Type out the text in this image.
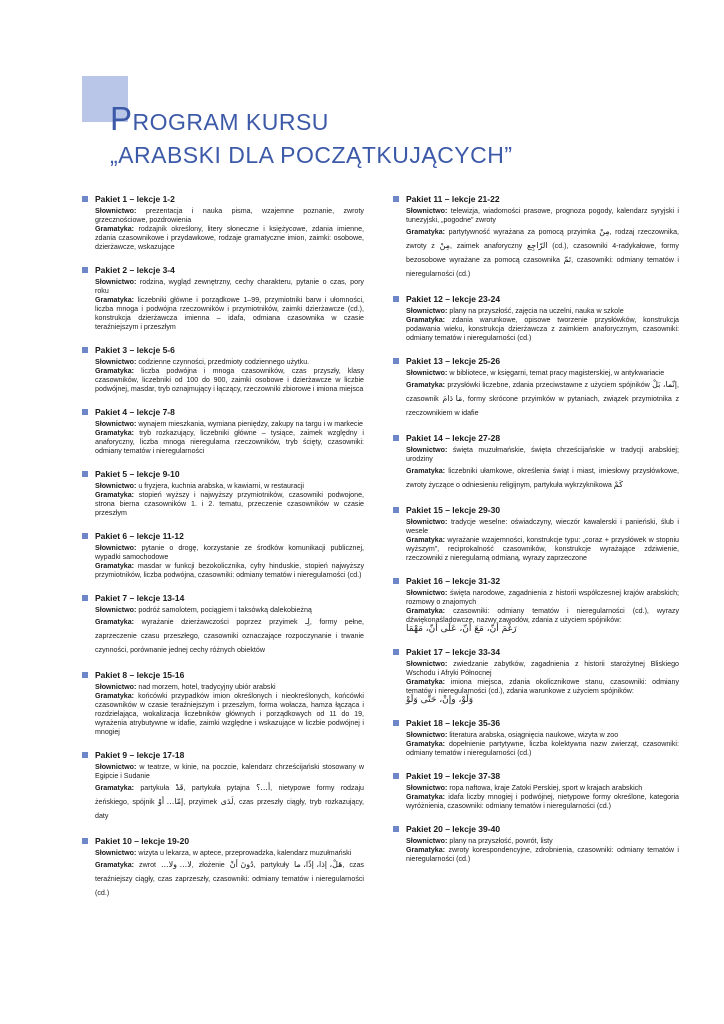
PROGRAM KURSU
„ARABSKI DLA POCZĄTKUJĄCYCH”
Pakiet 1 – lekcje 1-2

Słownictwo: prezentacja i nauka pisma, wzajemne poznanie, zwroty grzecznościowe, pozdrowienia

Gramatyka: rodzajnik określony, litery słoneczne i księżycowe, zdania imienne, zdania czasownikowe i przydawkowe, rodzaje gramatyczne imion, zaimki: osobowe, dzierżawcze, wskazujące

Pakiet 2 – lekcje 3-4

Słownictwo: rodzina, wygląd zewnętrzny, cechy charakteru, pytanie o czas, pory roku

Gramatyka: liczebniki główne i porządkowe 1–99, przymiotniki barw i ułomności, liczba mnoga i podwójna rzeczowników i przymiotników, zaimki dzierżawcze (cd.), konstrukcja dzierżawcza imienna – idafa, odmiana czasownika w czasie teraźniejszym i przeszłym

Pakiet 3 – lekcje 5-6

Słownictwo: codzienne czynności, przedmioty codziennego użytku.

Gramatyka: liczba podwójna i mnoga czasowników, czas przyszły, klasy czasowników, liczebniki od 100 do 900, zaimki osobowe i dzierżawcze w liczbie podwójnej, masdar, tryb oznajmujący i łączący, rzeczowniki zbiorowe i imiona miejsca

Pakiet 4 – lekcje 7-8

Słownictwo: wynajem mieszkania, wymiana pieniędzy, zakupy na targu i w markecie

Gramatyka: tryb rozkazujący, liczebniki główne – tysiące, zaimek względny i anaforyczny, liczba mnoga nieregularna rzeczowników, tryb ścięty, czasowniki: odmiany tematów i nieregularności

Pakiet 5 – lekcje 9-10

Słownictwo: u fryzjera, kuchnia arabska, w kawiarni, w restauracji

Gramatyka: stopień wyższy i najwyższy przymiotników, czasowniki podwojone, strona bierna czasowników 1. i 2. tematu, przeczenie czasowników w czasie przeszłym

Pakiet 6 – lekcje 11-12

Słownictwo: pytanie o drogę, korzystanie ze środków komunikacji publicznej, wypadki samochodowe

Gramatyka: masdar w funkcji bezokolicznika, cyfry hinduskie, stopień najwyższy przymiotników, liczba podwójna, czasowniki: odmiany tematów i nieregularności (cd.)

Pakiet 7 – lekcje 13-14

Słownictwo: podróż samolotem, pociągiem i taksówką dalekobieżną

Gramatyka: wyrażanie dzierżawczości poprzez przyimek لِـ, formy pełne, zaprzeczenie czasu przeszłego, czasowniki oznaczające rozpoczynanie i trwanie czynności, porównanie jednej cechy różnych obiektów

Pakiet 8 – lekcje 15-16

Słownictwo: nad morzem, hotel, tradycyjny ubiór arabski

Gramatyka: końcówki przypadków imion określonych i nieokreślonych, końcówki czasowników w czasie teraźniejszym i przeszłym, forma wołacza, hamza łącząca i rozdzielająca, wokalizacja liczebników głównych i porządkowych od 11 do 19, wyrażenia atrybutywne w idafie, zaimki względne i wskazujące w liczbie podwójnej i mnogiej

Pakiet 9 – lekcje 17-18

Słownictwo: w teatrze, w kinie, na poczcie, kalendarz chrześcijański stosowany w Egipcie i Sudanie

Gramatyka: partykuła قَدْ, partykuła pytajna أ...؟, nietypowe formy rodzaju żeńskiego, spójnik إمّا... أوْ, przyimek لَدَى, czas przeszły ciągły, tryb rozkazujący, daty

Pakiet 10 – lekcje 19-20

Słownictwo: wizyta u lekarza, w aptece, przeprowadzka, kalendarz muzułmański

Gramatyka: zwrot لا... ولا..., złożenie دُونَ أنْ, partykuły هَلْ، إذا، إذًا، ما, czas teraźniejszy ciągły, czas zaprzeszły, czasowniki: odmiany tematów i nieregularności (cd.)

Pakiet 11 – lekcje 21-22

Słownictwo: telewizja, wiadomości prasowe, prognoza pogody, kalendarz syryjski i tunezyjski, „pogodne” zwroty

Gramatyka: partytywność wyrażana za pomocą przyimka مِنْ, rodzaj rzeczownika, zwroty z مِنْ, zaimek anaforyczny الرّاجِع (cd.), czasowniki 4-radykałowe, formy bezosobowe wyrażane za pomocą czasownika تَمّ, czasowniki: odmiany tematów i nieregularności (cd.)

Pakiet 12 – lekcje 23-24

Słownictwo: plany na przyszłość, zajęcia na uczelni, nauka w szkole

Gramatyka: zdania warunkowe, opisowe tworzenie przysłówków, konstrukcja podawania wieku, konstrukcja dzierżawcza z zaimkiem anaforycznym, czasowniki: odmiany tematów i nieregularności (cd.)

Pakiet 13 – lekcje 25-26

Słownictwo: w bibliotece, w księgarni, temat pracy magisterskiej, w antykwariacie

Gramatyka: przysłówki liczebne, zdania przeciwstawne z użyciem spójników إنّما، بَلْ, czasownik مَا دَامَ, formy skrócone przyimków w pytaniach, związek przymiotnika z rzeczownikiem w idafie

Pakiet 14 – lekcje 27-28

Słownictwo: święta muzułmańskie, święta chrześcijańskie w tradycji arabskiej; urodziny

Gramatyka: liczebniki ułamkowe, określenia świąt i miast, imiesłowy przysłówkowe, zwroty życzące o odniesieniu religijnym, partykuła wykrzyknikowa كَمْ

Pakiet 15 – lekcje 29-30

Słownictwo: tradycje weselne: oświadczyny, wieczór kawalerski i panieński, ślub i wesele

Gramatyka: wyrażanie wzajemności, konstrukcje typu: „coraz + przysłówek w stopniu wyższym”, reciprokalność czasowników, konstrukcje wyrażające zdziwienie, rzeczowniki z nieregularną odmianą, wyrazy zaprzeczone

Pakiet 16 – lekcje 31-32

Słownictwo: święta narodowe, zagadnienia z historii współczesnej krajów arabskich; rozmowy o znajomych

Gramatyka: czasowniki: odmiany tematów i nieregularności (cd.), wyrazy dźwiękonaśladowcze, nazwy zawodów, zdania z użyciem spójników:

رَغْمَ أنّ، مَعَ أنّ، عَلَى أنّ، مَهْمَا

Pakiet 17 – lekcje 33-34

Słownictwo: zwiedzanie zabytków, zagadnienia z historii starożytnej Bliskiego Wschodu i Afryki Północnej

Gramatyka: imiona miejsca, zdania okolicznikowe stanu, czasowniki: odmiany tematów i nieregularności (cd.), zdania warunkowe z użyciem spójników:

وَلَوْ، وإنْ، حَتَّى وَلَوْ

Pakiet 18 – lekcje 35-36

Słownictwo: literatura arabska, osiągnięcia naukowe, wizyta w zoo

Gramatyka: dopełnienie partytywne, liczba kolektywna nazw zwierząt, czasowniki: odmiany tematów i nieregularności (cd.)

Pakiet 19 – lekcje 37-38

Słownictwo: ropa naftowa, kraje Zatoki Perskiej, sport w krajach arabskich

Gramatyka: idafa liczby mnogiej i podwójnej, nietypowe formy określone, kategoria wyróżnienia, czasowniki: odmiany tematów i nieregularności (cd.)

Pakiet 20 – lekcje 39-40

Słownictwo: plany na przyszłość, powrót, listy

Gramatyka: zwroty korespondencyjne, zdrobnienia, czasowniki: odmiany tematów i nieregularności (cd.)
